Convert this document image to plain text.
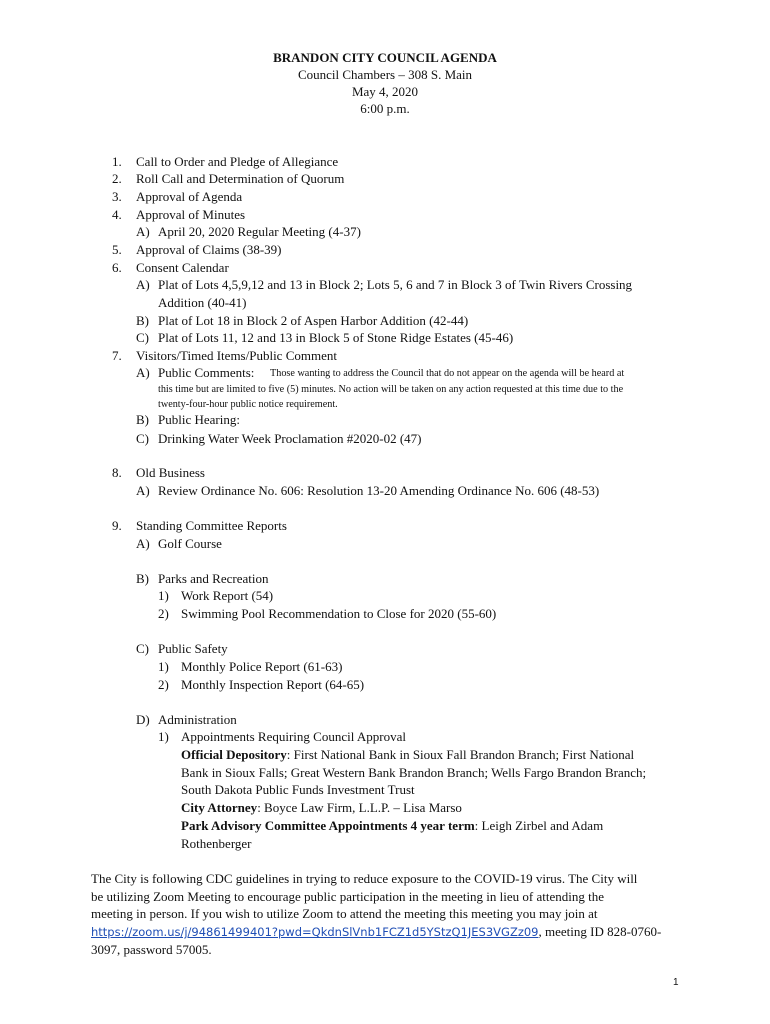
BRANDON CITY COUNCIL AGENDA
Council Chambers – 308 S. Main
May 4, 2020
6:00 p.m.
1. Call to Order and Pledge of Allegiance
2. Roll Call and Determination of Quorum
3. Approval of Agenda
4. Approval of Minutes
A) April 20, 2020 Regular Meeting (4-37)
5. Approval of Claims (38-39)
6. Consent Calendar
A) Plat of Lots 4,5,9,12 and 13 in Block 2; Lots 5, 6 and 7 in Block 3 of Twin Rivers Crossing
Addition (40-41)
B) Plat of Lot 18 in Block 2 of Aspen Harbor Addition (42-44)
C) Plat of Lots 11, 12 and 13 in Block 5 of Stone Ridge Estates (45-46)
7. Visitors/Timed Items/Public Comment
A) Public Comments: Those wanting to address the Council that do not appear on the agenda will be heard at
this time but are limited to five (5) minutes. No action will be taken on any action requested at this time due to the
twenty-four-hour public notice requirement.
B) Public Hearing:
C) Drinking Water Week Proclamation #2020-02 (47)
8. Old Business
A) Review Ordinance No. 606: Resolution 13-20 Amending Ordinance No. 606 (48-53)
9. Standing Committee Reports
A) Golf Course
B) Parks and Recreation
1) Work Report (54)
2) Swimming Pool Recommendation to Close for 2020 (55-60)
C) Public Safety
1) Monthly Police Report (61-63)
2) Monthly Inspection Report (64-65)
D) Administration
1) Appointments Requiring Council Approval
Official Depository: First National Bank in Sioux Fall Brandon Branch; First National
Bank in Sioux Falls; Great Western Bank Brandon Branch; Wells Fargo Brandon Branch;
South Dakota Public Funds Investment Trust
City Attorney: Boyce Law Firm, L.L.P. – Lisa Marso
Park Advisory Committee Appointments 4 year term: Leigh Zirbel and Adam
Rothenberger
The City is following CDC guidelines in trying to reduce exposure to the COVID-19 virus. The City will
be utilizing Zoom Meeting to encourage public participation in the meeting in lieu of attending the
meeting in person. If you wish to utilize Zoom to attend the meeting this meeting you may join at
https://zoom.us/j/94861499401?pwd=QkdnSlVnb1FCZ1d5YStzQ1JES3VGZz09, meeting ID 828-0760-
3097, password 57005.
1
